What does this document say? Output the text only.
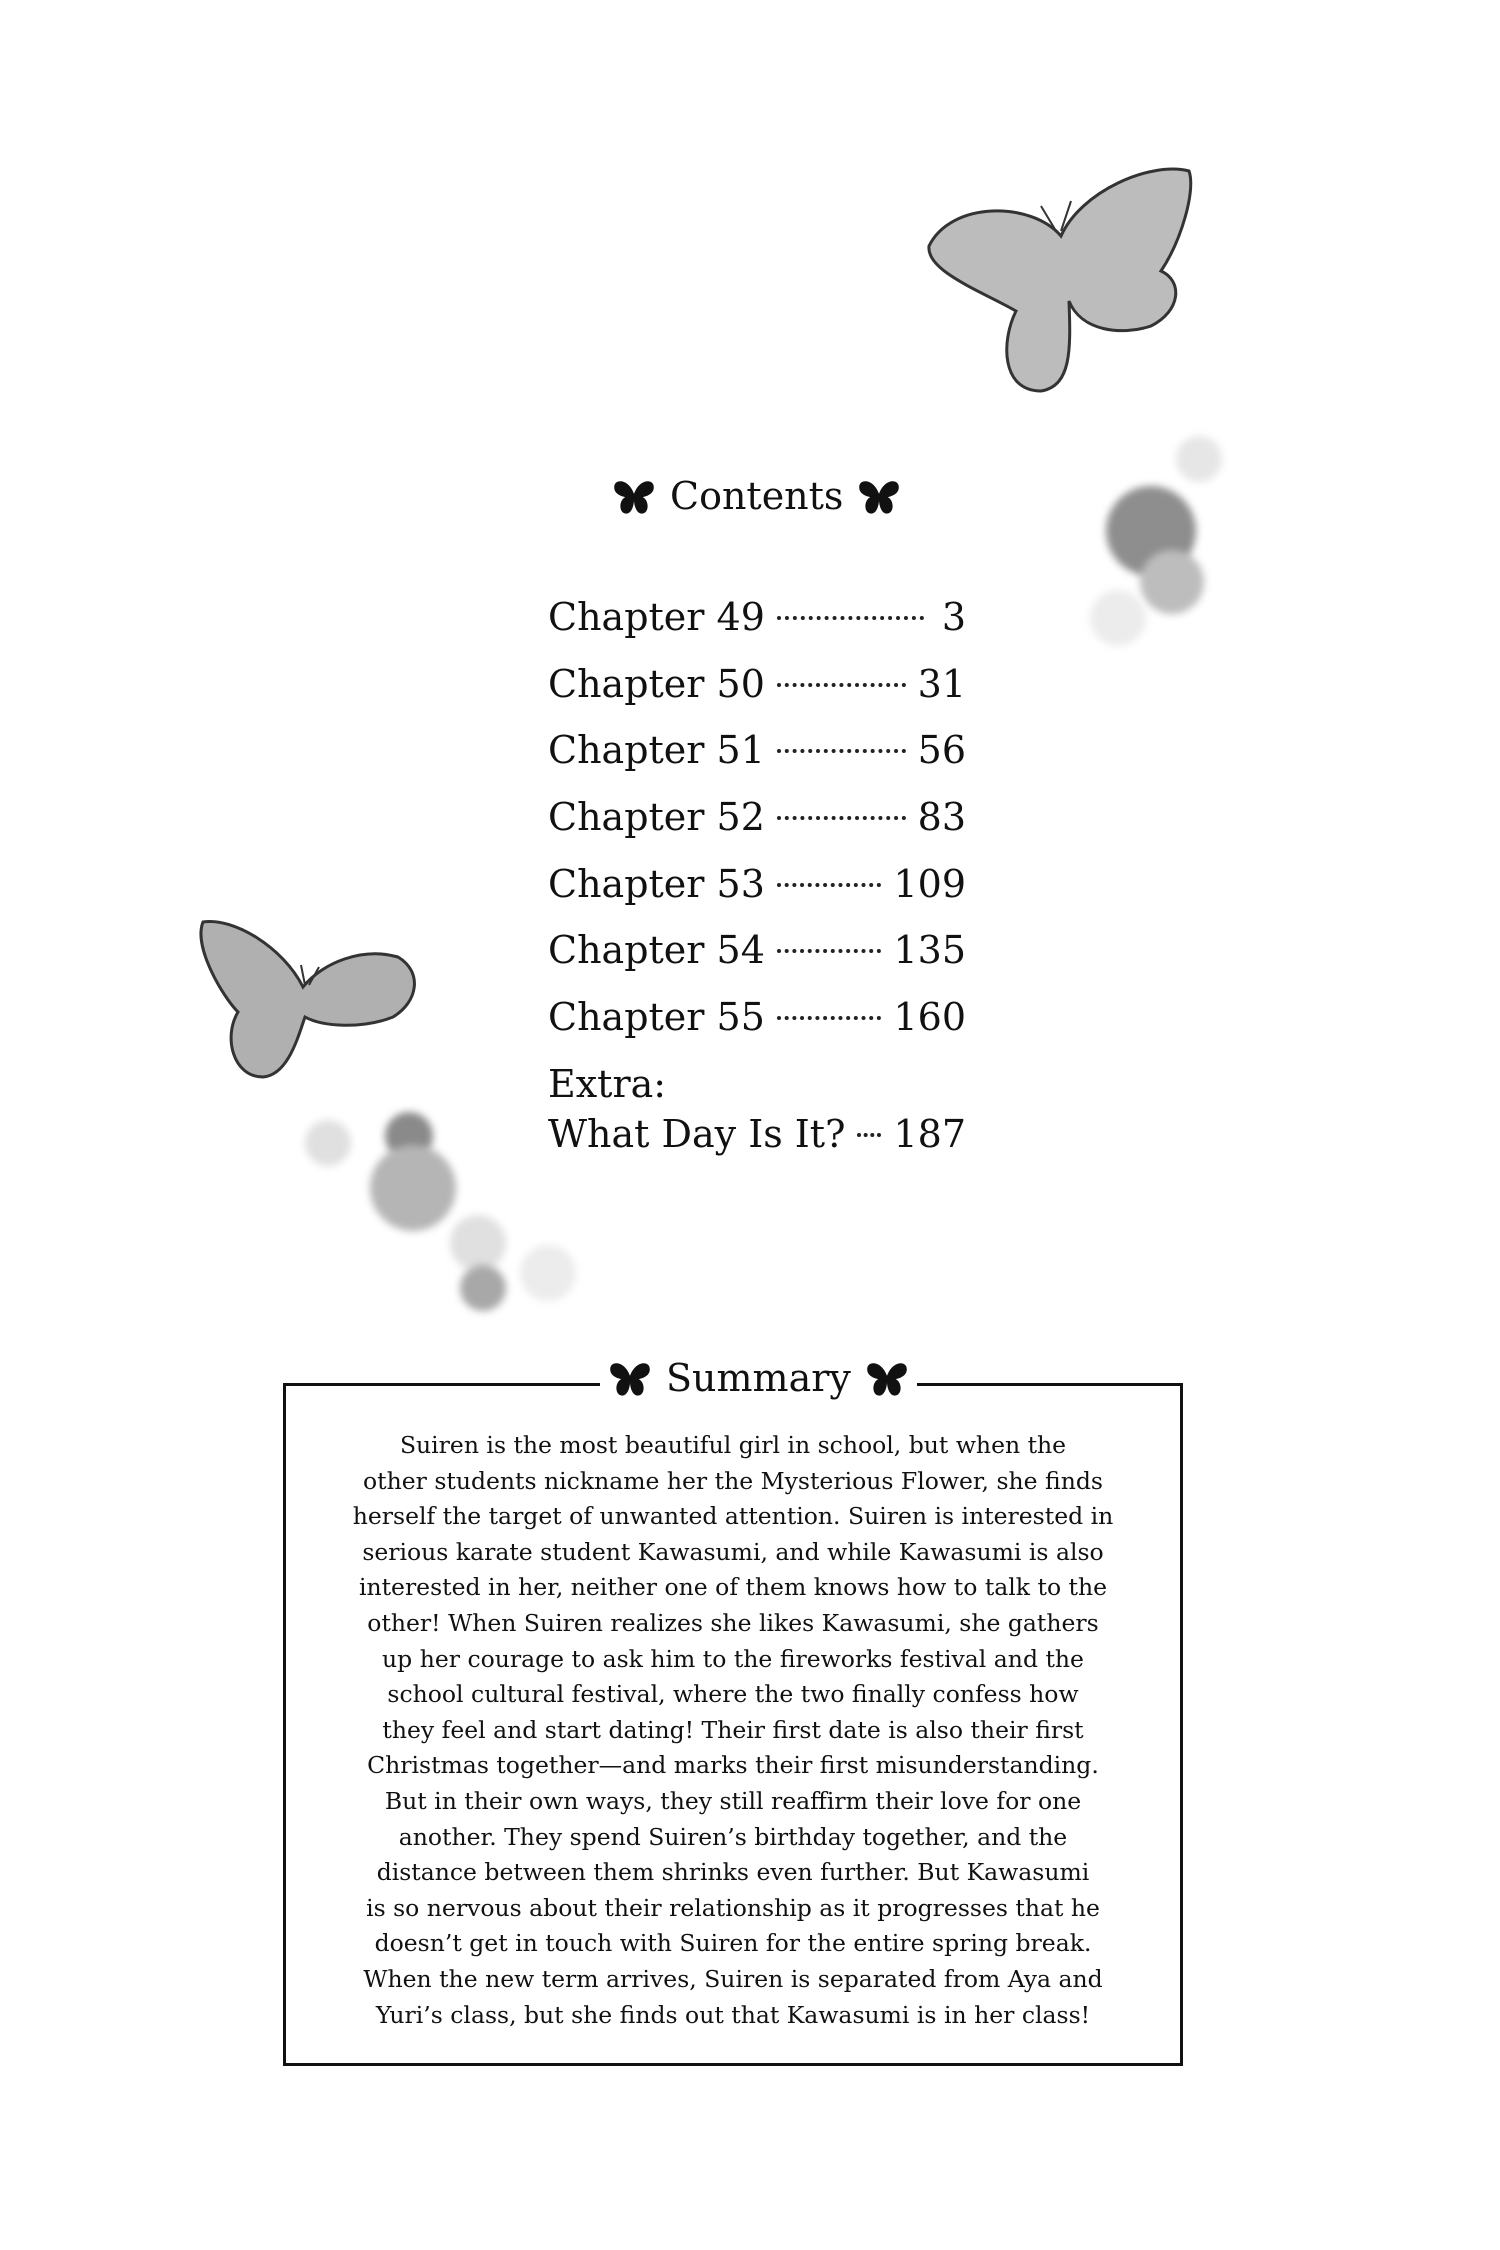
Contents
Chapter 49	3
Chapter 50	31
Chapter 51	56
Chapter 52	83
Chapter 53	109
Chapter 54	135
Chapter 55	160
Extra:
What Day Is It? 187
Summary
Suiren is the most beautiful girl in school, but when the
other students nickname her the Mysterious Flower, she finds
herself the target of unwanted attention. Suiren is interested in
serious karate student Kawasumi, and while Kawasumi is also
interested in her, neither one of them knows how to talk to the
other! When Suiren realizes she likes Kawasumi, she gathers
up her courage to ask him to the fireworks festival and the
school cultural festival, where the two finally confess how
they feel and start dating! Their first date is also their first
Christmas together—and marks their first misunderstanding.
But in their own ways, they still reaffirm their love for one
another. They spend Suiren’s birthday together, and the
distance between them shrinks even further. But Kawasumi
is so nervous about their relationship as it progresses that he
doesn’t get in touch with Suiren for the entire spring break.
When the new term arrives, Suiren is separated from Aya and
Yuri’s class, but she finds out that Kawasumi is in her class!
